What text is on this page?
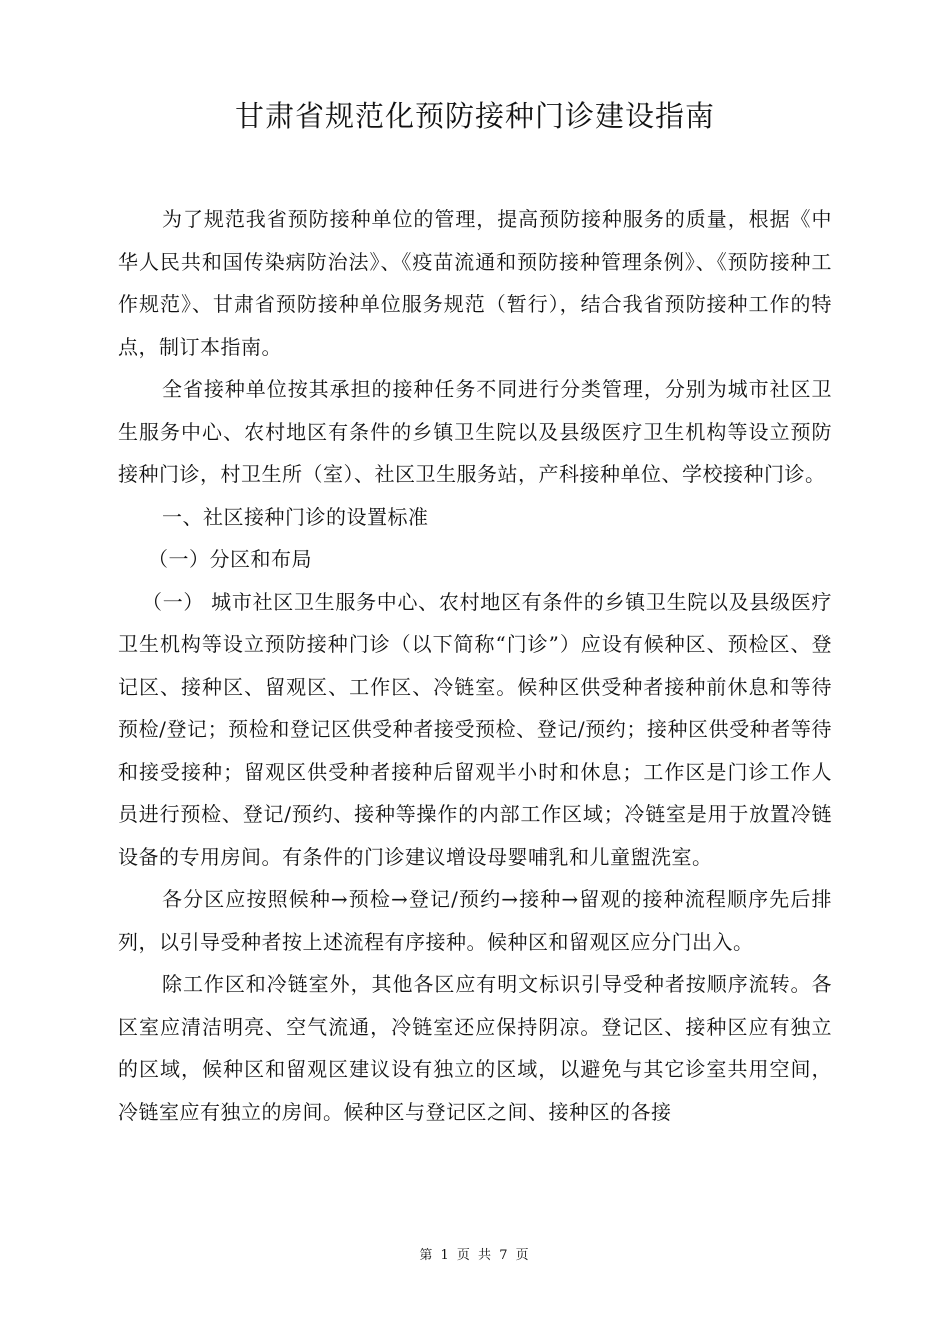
甘肃省规范化预防接种门诊建设指南

为了规范我省预防接种单位的管理，提高预防接种服务的质量，根据《中华人民共和国传染病防治法》、《疫苗流通和预防接种管理条例》、《预防接种工作规范》、甘肃省预防接种单位服务规范（暂行），结合我省预防接种工作的特点，制订本指南。

全省接种单位按其承担的接种任务不同进行分类管理，分别为城市社区卫生服务中心、农村地区有条件的乡镇卫生院以及县级医疗卫生机构等设立预防接种门诊，村卫生所（室）、社区卫生服务站，产科接种单位、学校接种门诊。

一、社区接种门诊的设置标准

（一）分区和布局

（一） 城市社区卫生服务中心、农村地区有条件的乡镇卫生院以及县级医疗卫生机构等设立预防接种门诊（以下简称“门诊”）应设有候种区、预检区、登记区、接种区、留观区、工作区、冷链室。候种区供受种者接种前休息和等待预检/登记；预检和登记区供受种者接受预检、登记/预约；接种区供受种者等待和接受接种；留观区供受种者接种后留观半小时和休息；工作区是门诊工作人员进行预检、登记/预约、接种等操作的内部工作区域；冷链室是用于放置冷链设备的专用房间。有条件的门诊建议增设母婴哺乳和儿童盥洗室。

各分区应按照候种→预检→登记/预约→接种→留观的接种流程顺序先后排列，以引导受种者按上述流程有序接种。候种区和留观区应分门出入。

除工作区和冷链室外，其他各区应有明文标识引导受种者按顺序流转。各区室应清洁明亮、空气流通，冷链室还应保持阴凉。登记区、接种区应有独立的区域，候种区和留观区建议设有独立的区域，以避免与其它诊室共用空间，冷链室应有独立的房间。候种区与登记区之间、接种区的各接

第 1 页 共 7 页
